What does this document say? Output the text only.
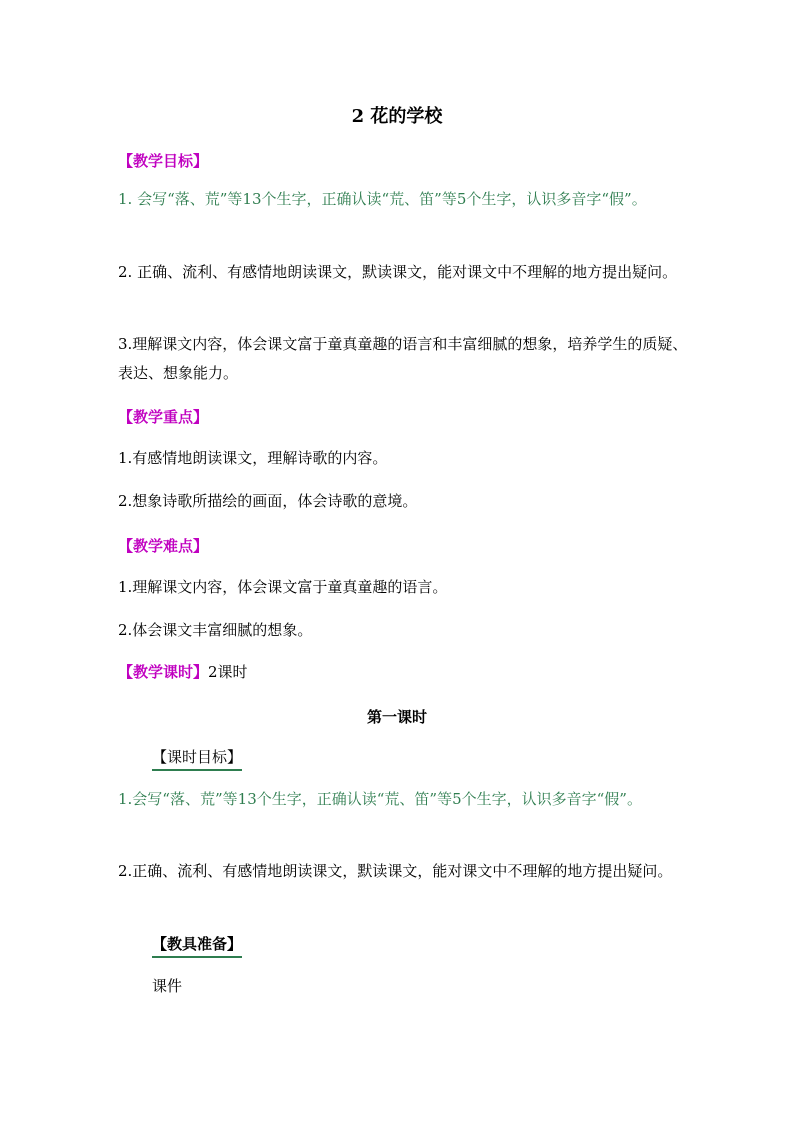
2 花的学校
【教学目标】
1. 会写“落、荒”等13个生字，正确认读“荒、笛”等5个生字，认识多音字“假”。
2. 正确、流利、有感情地朗读课文，默读课文，能对课文中不理解的地方提出疑问。
3.理解课文内容，体会课文富于童真童趣的语言和丰富细腻的想象，培养学生的质疑、表达、想象能力。
【教学重点】
1.有感情地朗读课文，理解诗歌的内容。
2.想象诗歌所描绘的画面，体会诗歌的意境。
【教学难点】
1.理解课文内容，体会课文富于童真童趣的语言。
2.体会课文丰富细腻的想象。
【教学课时】2课时
第一课时
【课时目标】
1.会写“落、荒”等13个生字，正确认读“荒、笛”等5个生字，认识多音字“假”。
2.正确、流利、有感情地朗读课文，默读课文，能对课文中不理解的地方提出疑问。
【教具准备】
课件
